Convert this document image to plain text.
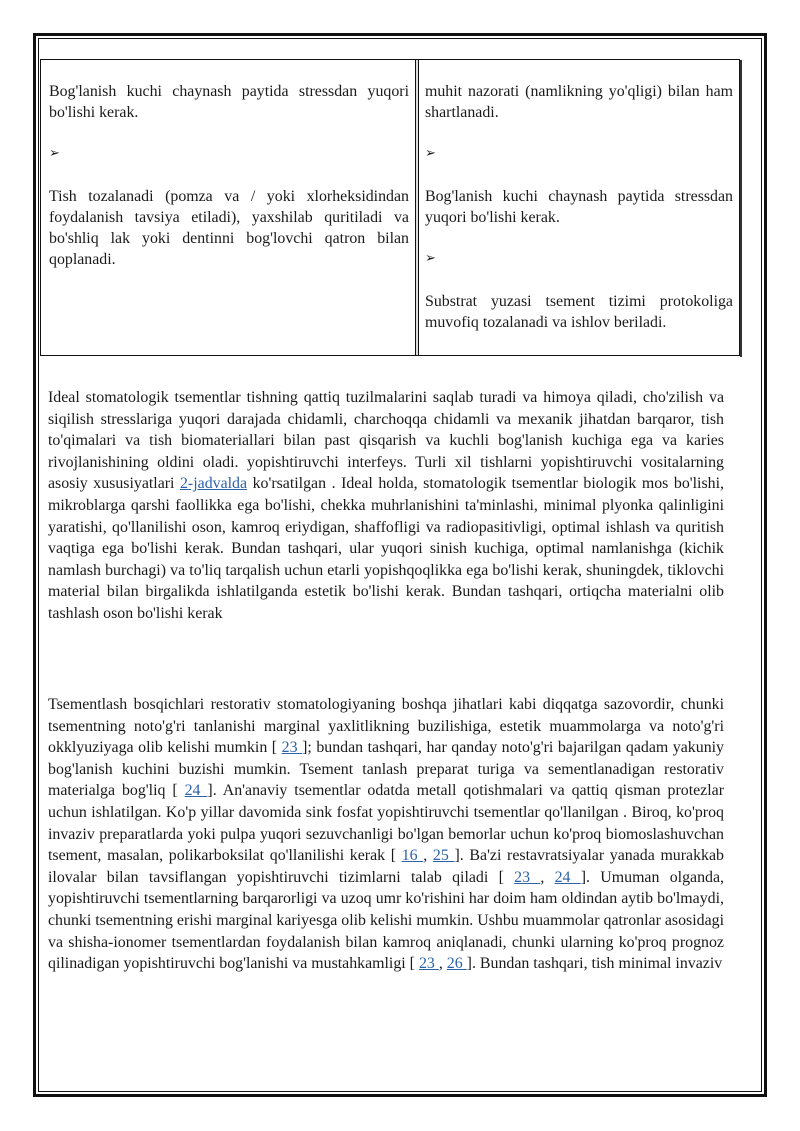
Bog'lanish kuchi chaynash paytida stressdan yuqori bo'lishi kerak.

➢

Tish tozalanadi (pomza va / yoki xlorheksidindan foydalanish tavsiya etiladi), yaxshilab quritiladi va bo'shliq lak yoki dentinni bog'lovchi qatron bilan qoplanadi.

muhit nazorati (namlikning yo'qligi) bilan ham shartlanadi.

➢

Bog'lanish kuchi chaynash paytida stressdan yuqori bo'lishi kerak.

➢

Substrat yuzasi tsement tizimi protokoliga muvofiq tozalanadi va ishlov beriladi.

Ideal stomatologik tsementlar tishning qattiq tuzilmalarini saqlab turadi va himoya qiladi, cho'zilish va siqilish stresslariga yuqori darajada chidamli, charchoqqa chidamli va mexanik jihatdan barqaror, tish to'qimalari va tish biomateriallari bilan past qisqarish va kuchli bog'lanish kuchiga ega va karies rivojlanishining oldini oladi. yopishtiruvchi interfeys. Turli xil tishlarni yopishtiruvchi vositalarning asosiy xususiyatlari 2-jadvalda ko'rsatilgan . Ideal holda, stomatologik tsementlar biologik mos bo'lishi, mikroblarga qarshi faollikka ega bo'lishi, chekka muhrlanishini ta'minlashi, minimal plyonka qalinligini yaratishi, qo'llanilishi oson, kamroq eriydigan, shaffofligi va radiopasitivligi, optimal ishlash va quritish vaqtiga ega bo'lishi kerak. Bundan tashqari, ular yuqori sinish kuchiga, optimal namlanishga (kichik namlash burchagi) va to'liq tarqalish uchun etarli yopishqoqlikka ega bo'lishi kerak, shuningdek, tiklovchi material bilan birgalikda ishlatilganda estetik bo'lishi kerak. Bundan tashqari, ortiqcha materialni olib tashlash oson bo'lishi kerak

Tsementlash bosqichlari restorativ stomatologiyaning boshqa jihatlari kabi diqqatga sazovordir, chunki tsementning noto'g'ri tanlanishi marginal yaxlitlikning buzilishiga, estetik muammolarga va noto'g'ri okklyuziyaga olib kelishi mumkin [ 23 ]; bundan tashqari, har qanday noto'g'ri bajarilgan qadam yakuniy bog'lanish kuchini buzishi mumkin. Tsement tanlash preparat turiga va sementlanadigan restorativ materialga bog'liq [ 24 ]. An'anaviy tsementlar odatda metall qotishmalari va qattiq qisman protezlar uchun ishlatilgan. Ko'p yillar davomida sink fosfat yopishtiruvchi tsementlar qo'llanilgan . Biroq, ko'proq invaziv preparatlarda yoki pulpa yuqori sezuvchanligi bo'lgan bemorlar uchun ko'proq biomoslashuvchan tsement, masalan, polikarboksilat qo'llanilishi kerak [ 16 , 25 ]. Ba'zi restavratsiyalar yanada murakkab ilovalar bilan tavsiflangan yopishtiruvchi tizimlarni talab qiladi [ 23 , 24 ]. Umuman olganda, yopishtiruvchi tsementlarning barqarorligi va uzoq umr ko'rishini har doim ham oldindan aytib bo'lmaydi, chunki tsementning erishi marginal kariyesga olib kelishi mumkin. Ushbu muammolar qatronlar asosidagi va shisha-ionomer tsementlardan foydalanish bilan kamroq aniqlanadi, chunki ularning ko'proq prognoz qilinadigan yopishtiruvchi bog'lanishi va mustahkamligi [ 23 , 26 ]. Bundan tashqari, tish minimal invaziv
